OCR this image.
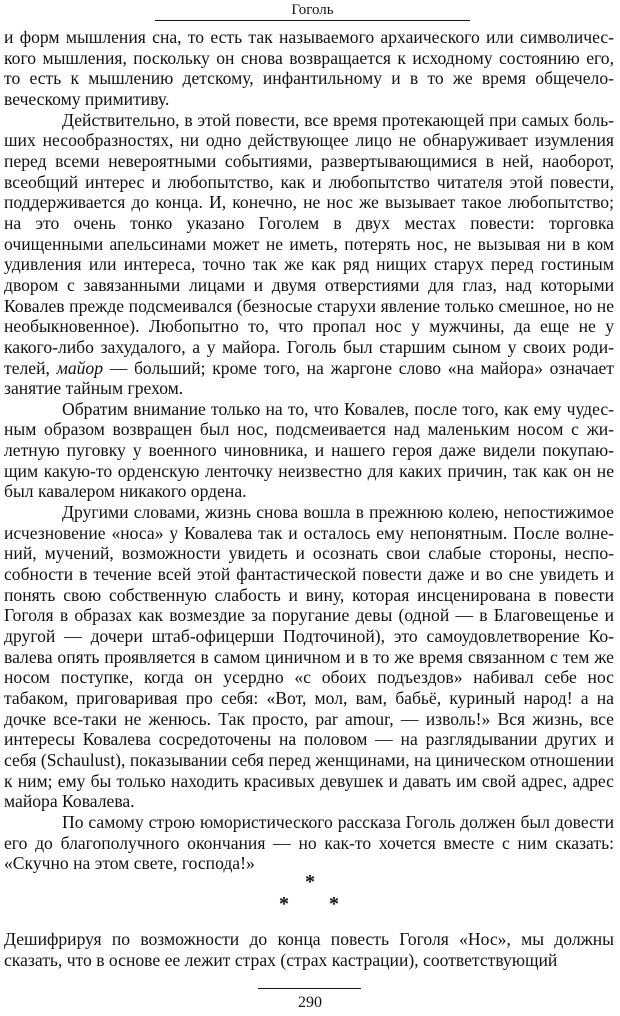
Гоголь

и форм мышления сна, то есть так называемого архаического или символического мышления, поскольку он снова возвращается к исходному состоянию его, то есть к мышлению детскому, инфантильному и в то же время общечеловеческому примитиву.

Действительно, в этой повести, все время протекающей при самых больших несообразностях, ни одно действующее лицо не обнаруживает изумления перед всеми невероятными событиями, развертывающимися в ней, наоборот, всеобщий интерес и любопытство, как и любопытство читателя этой повести, поддерживается до конца. И, конечно, не нос же вызывает такое любопытство; на это очень тонко указано Гоголем в двух местах повести: торговка очищенными апельсинами может не иметь, потерять нос, не вызывая ни в ком удивления или интереса, точно так же как ряд нищих старух перед гостиным двором с завязанными лицами и двумя отверстиями для глаз, над которыми Ковалев прежде подсмеивался (безносые старухи явление только смешное, но не необыкновенное). Любопытно то, что пропал нос у мужчины, да еще не у какого-либо захудалого, а у майора. Гоголь был старшим сыном у своих родителей, майор — больший; кроме того, на жаргоне слово «на майора» означает занятие тайным грехом.

Обратим внимание только на то, что Ковалев, после того, как ему чудесным образом возвращен был нос, подсмеивается над маленьким носом с жилетную пуговку у военного чиновника, и нашего героя даже видели покупающим какую-то орденскую ленточку неизвестно для каких причин, так как он не был кавалером никакого ордена.

Другими словами, жизнь снова вошла в прежнюю колею, непостижимое исчезновение «носа» у Ковалева так и осталось ему непонятным. После волнений, мучений, возможности увидеть и осознать свои слабые стороны, неспособности в течение всей этой фантастической повести даже и во сне увидеть и понять свою собственную слабость и вину, которая инсценирована в повести Гоголя в образах как возмездие за поругание девы (одной — в Благовещенье и другой — дочери штаб-офицерши Подточиной), это самоудовлетворение Ковалева опять проявляется в самом циничном и в то же время связанном с тем же носом поступке, когда он усердно «с обоих подъездов» набивал себе нос табаком, приговаривая про себя: «Вот, мол, вам, бабьё, куриный народ! а на дочке все-таки не женюсь. Так просто, par amour, — изволь!» Вся жизнь, все интересы Ковалева сосредоточены на половом — на разглядывании других и себя (Schaulust), показывании себя перед женщинами, на циническом отношении к ним; ему бы только находить красивых девушек и давать им свой адрес, адрес майора Ковалева.

По самому строю юмористического рассказа Гоголь должен был довести его до благополучного окончания — но как-то хочется вместе с ним сказать: «Скучно на этом свете, господа!»

*
* *

Дешифрируя по возможности до конца повесть Гоголя «Нос», мы должны сказать, что в основе ее лежит страх (страх кастрации), соответствующий

290
